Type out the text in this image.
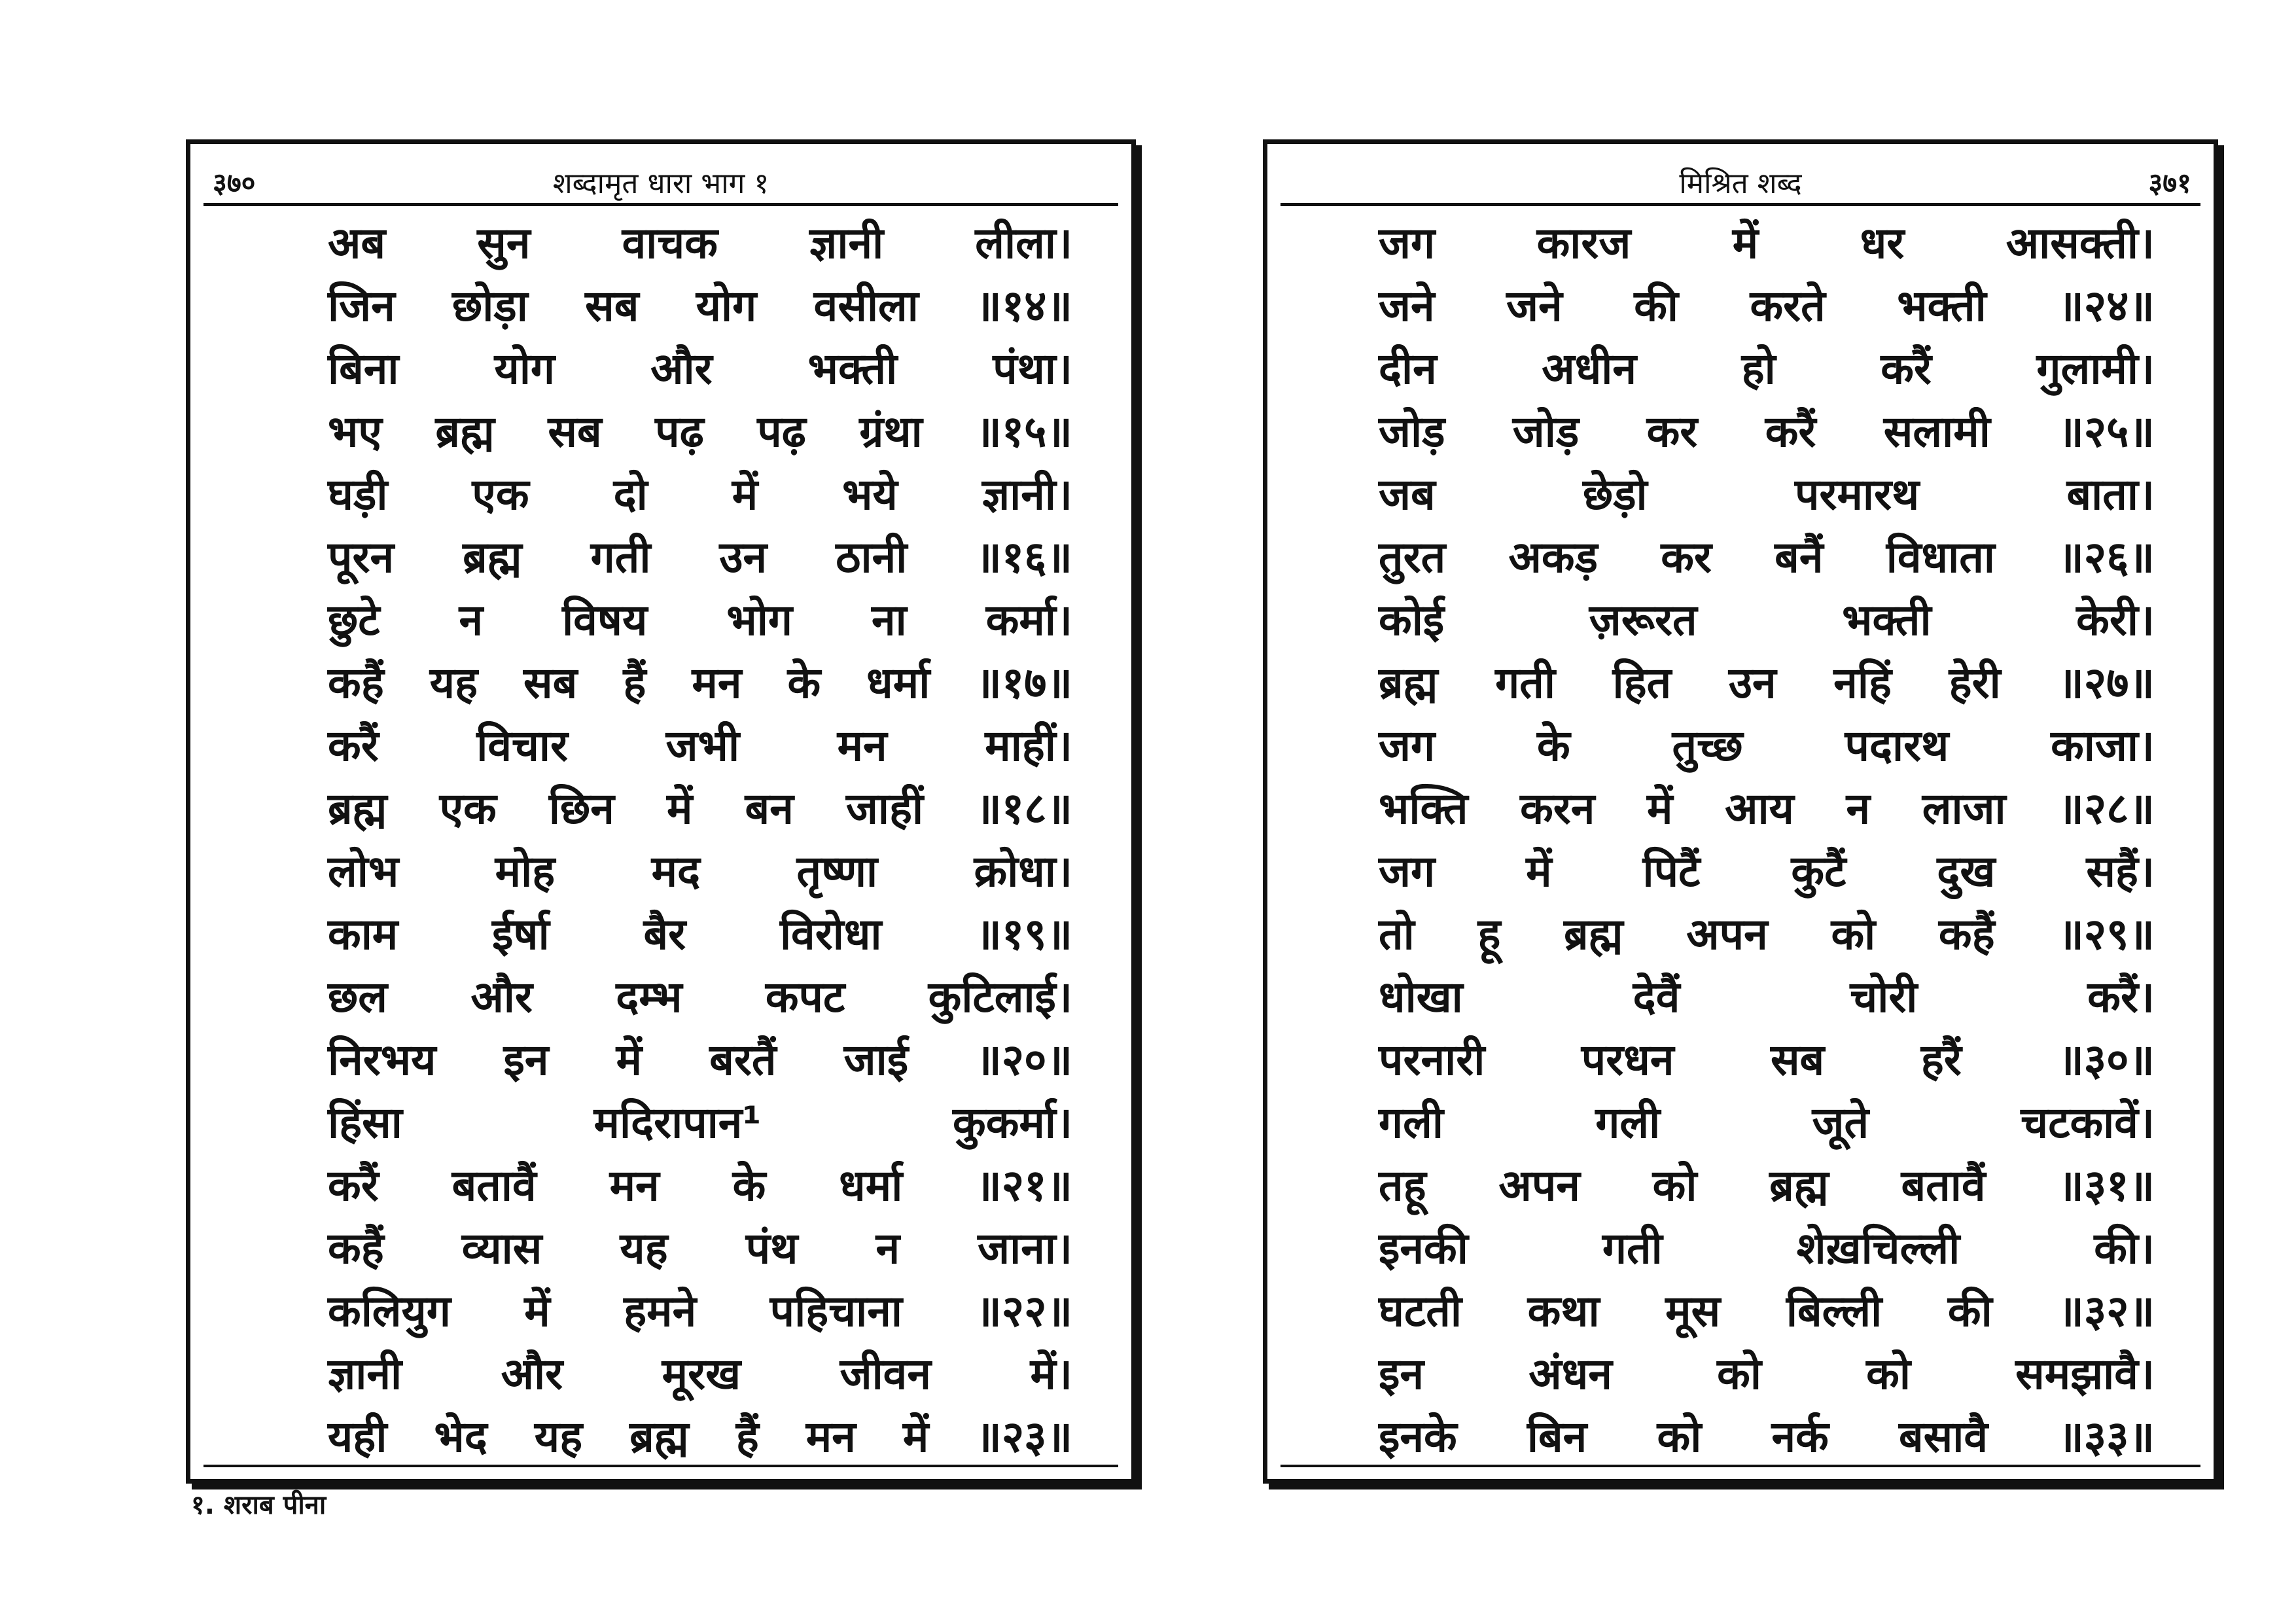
३७०	शब्दामृत धारा भाग १
अब सुन वाचक ज्ञानी लीला।
जिन छोड़ा सब योग वसीला ॥१४॥
बिना योग और भक्ती पंथा।
भए ब्रह्म सब पढ़ पढ़ ग्रंथा ॥१५॥
घड़ी एक दो में भये ज्ञानी।
पूरन ब्रह्म गती उन ठानी ॥१६॥
छुटे न विषय भोग ना कर्मा।
कहैं यह सब हैं मन के धर्मा ॥१७॥
करैं विचार जभी मन माहीं।
ब्रह्म एक छिन में बन जाहीं ॥१८॥
लोभ मोह मद तृष्णा क्रोधा।
काम ईर्षा बैर विरोधा ॥१९॥
छल और दम्भ कपट कुटिलाई।
निरभय इन में बरतैं जाई ॥२०॥
हिंसा	मदिरापान¹	कुकर्मा।
करैं बतावैं मन के धर्मा ॥२१॥
कहैं व्यास यह पंथ न जाना।
कलियुग में हमने पहिचाना ॥२२॥
ज्ञानी और मूरख जीवन में।
यही भेद यह ब्रह्म हैं मन में ॥२३॥
३७१
मिश्रित शब्द
जग कारज में धर आसक्ती।
जने जने की करते भक्ती ॥२४॥
दीन अधीन हो करैं गुलामी।
जोड़ जोड़ कर करैं सलामी ॥२५॥
जब	छेड़ो	परमारथ	बाता।
तुरत अकड़ कर बनैं विधाता ॥२६॥
कोई	ज़रूरत	भक्ती	केरी।
ब्रह्म गती हित उन नहिं हेरी ॥२७॥
जग के तुच्छ पदारथ काजा।
भक्ति करन में आय न लाजा ॥२८॥
जग में पिटैं कुटैं दुख सहैं।
तो हू ब्रह्म अपन को कहैं ॥२९॥
धोखा	देवैं	चोरी	करैं।
परनारी परधन सब हरैं ॥३०॥
गली	गली	जूते	चटकावें।
तहू अपन को ब्रह्म बतावैं ॥३१॥
इनकी	गती	शेख़चिल्ली	की।
घटती कथा मूस बिल्ली की ॥३२॥
इन अंधन को को समझावै।
इनके बिन को नर्क बसावै ॥३३॥
१. शराब पीना
